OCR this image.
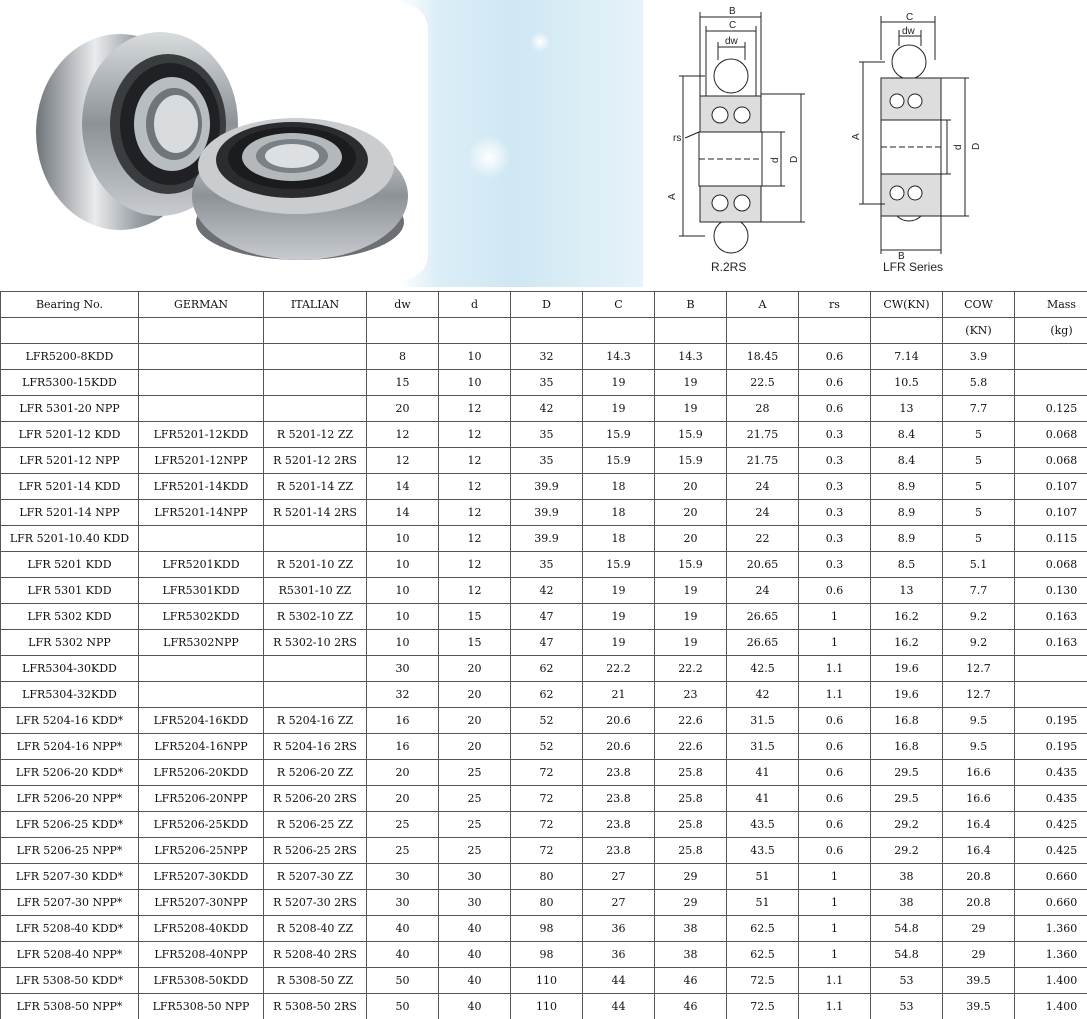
B
C
dw
rs
A
d D
R.2RS
C
dw
A
B
d D
LFR Series
Bearing No.	GERMAN	ITALIAN	dw	d	D	C	B	A	rs	CW(KN)	COW	Mass
											(KN)	(kg)
LFR5200-8KDD			8	10	32	14.3	14.3	18.45	0.6	7.14	3.9	
LFR5300-15KDD			15	10	35	19	19	22.5	0.6	10.5	5.8	
LFR 5301-20 NPP			20	12	42	19	19	28	0.6	13	7.7	0.125
LFR 5201-12 KDD	LFR5201-12KDD	R 5201-12 ZZ	12	12	35	15.9	15.9	21.75	0.3	8.4	5	0.068
LFR 5201-12 NPP	LFR5201-12NPP	R 5201-12 2RS	12	12	35	15.9	15.9	21.75	0.3	8.4	5	0.068
LFR 5201-14 KDD	LFR5201-14KDD	R 5201-14 ZZ	14	12	39.9	18	20	24	0.3	8.9	5	0.107
LFR 5201-14 NPP	LFR5201-14NPP	R 5201-14 2RS	14	12	39.9	18	20	24	0.3	8.9	5	0.107
LFR 5201-10.40 KDD			10	12	39.9	18	20	22	0.3	8.9	5	0.115
LFR 5201 KDD	LFR5201KDD	R 5201-10 ZZ	10	12	35	15.9	15.9	20.65	0.3	8.5	5.1	0.068
LFR 5301 KDD	LFR5301KDD	R5301-10 ZZ	10	12	42	19	19	24	0.6	13	7.7	0.130
LFR 5302 KDD	LFR5302KDD	R 5302-10 ZZ	10	15	47	19	19	26.65	1	16.2	9.2	0.163
LFR 5302 NPP	LFR5302NPP	R 5302-10 2RS	10	15	47	19	19	26.65	1	16.2	9.2	0.163
LFR5304-30KDD			30	20	62	22.2	22.2	42.5	1.1	19.6	12.7	
LFR5304-32KDD			32	20	62	21	23	42	1.1	19.6	12.7	
LFR 5204-16 KDD*	LFR5204-16KDD	R 5204-16 ZZ	16	20	52	20.6	22.6	31.5	0.6	16.8	9.5	0.195
LFR 5204-16 NPP*	LFR5204-16NPP	R 5204-16 2RS	16	20	52	20.6	22.6	31.5	0.6	16.8	9.5	0.195
LFR 5206-20 KDD*	LFR5206-20KDD	R 5206-20 ZZ	20	25	72	23.8	25.8	41	0.6	29.5	16.6	0.435
LFR 5206-20 NPP*	LFR5206-20NPP	R 5206-20 2RS	20	25	72	23.8	25.8	41	0.6	29.5	16.6	0.435
LFR 5206-25 KDD*	LFR5206-25KDD	R 5206-25 ZZ	25	25	72	23.8	25.8	43.5	0.6	29.2	16.4	0.425
LFR 5206-25 NPP*	LFR5206-25NPP	R 5206-25 2RS	25	25	72	23.8	25.8	43.5	0.6	29.2	16.4	0.425
LFR 5207-30 KDD*	LFR5207-30KDD	R 5207-30 ZZ	30	30	80	27	29	51	1	38	20.8	0.660
LFR 5207-30 NPP*	LFR5207-30NPP	R 5207-30 2RS	30	30	80	27	29	51	1	38	20.8	0.660
LFR 5208-40 KDD*	LFR5208-40KDD	R 5208-40 ZZ	40	40	98	36	38	62.5	1	54.8	29	1.360
LFR 5208-40 NPP*	LFR5208-40NPP	R 5208-40 2RS	40	40	98	36	38	62.5	1	54.8	29	1.360
LFR 5308-50 KDD*	LFR5308-50KDD	R 5308-50 ZZ	50	40	110	44	46	72.5	1.1	53	39.5	1.400
LFR 5308-50 NPP*	LFR5308-50 NPP	R 5308-50 2RS	50	40	110	44	46	72.5	1.1	53	39.5	1.400
